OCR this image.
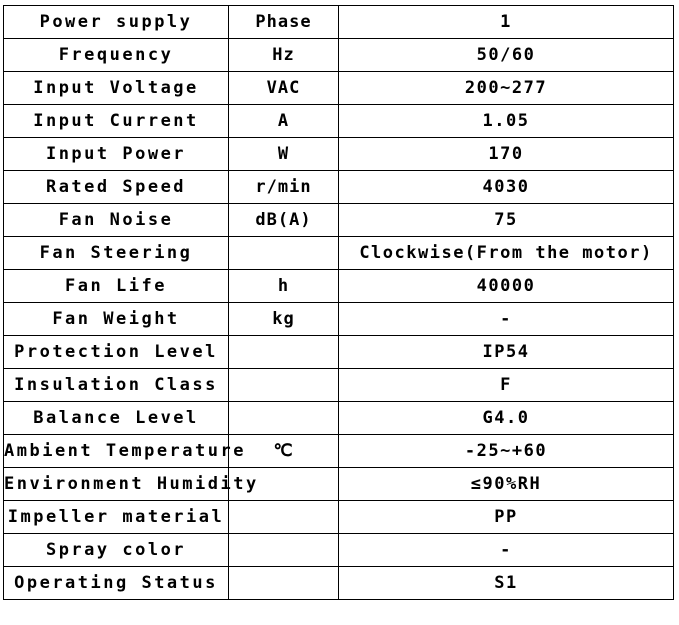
Power supply	Phase	1
Frequency	Hz	50/60
Input Voltage	VAC	200~277
Input Current	A	1.05
Input Power	W	170
Rated Speed	r/min	4030
Fan Noise	dB(A)	75
Fan Steering		Clockwise(From the motor)
Fan Life	h	40000
Fan Weight	kg	-
Protection Level		IP54
Insulation Class		F
Balance Level		G4.0
Ambient Temperature	℃	-25~+60
Environment Humidity		≤90%RH
Impeller material		PP
Spray color		-
Operating Status		S1
